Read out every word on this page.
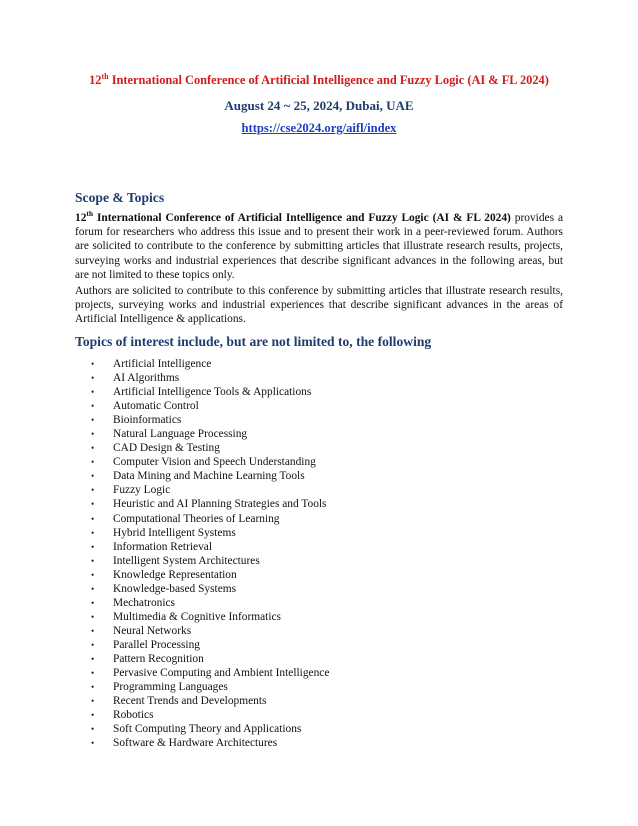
12th International Conference of Artificial Intelligence and Fuzzy Logic (AI & FL 2024)
August 24 ~ 25, 2024, Dubai, UAE
https://cse2024.org/aifl/index
Scope & Topics
12th International Conference of Artificial Intelligence and Fuzzy Logic (AI & FL 2024) provides a forum for researchers who address this issue and to present their work in a peer-reviewed forum. Authors are solicited to contribute to the conference by submitting articles that illustrate research results, projects, surveying works and industrial experiences that describe significant advances in the following areas, but are not limited to these topics only.
Authors are solicited to contribute to this conference by submitting articles that illustrate research results, projects, surveying works and industrial experiences that describe significant advances in the areas of Artificial Intelligence & applications.
Topics of interest include, but are not limited to, the following
• Artificial Intelligence
• AI Algorithms
• Artificial Intelligence Tools & Applications
• Automatic Control
• Bioinformatics
• Natural Language Processing
• CAD Design & Testing
• Computer Vision and Speech Understanding
• Data Mining and Machine Learning Tools
• Fuzzy Logic
• Heuristic and AI Planning Strategies and Tools
• Computational Theories of Learning
• Hybrid Intelligent Systems
• Information Retrieval
• Intelligent System Architectures
• Knowledge Representation
• Knowledge-based Systems
• Mechatronics
• Multimedia & Cognitive Informatics
• Neural Networks
• Parallel Processing
• Pattern Recognition
• Pervasive Computing and Ambient Intelligence
• Programming Languages
• Recent Trends and Developments
• Robotics
• Soft Computing Theory and Applications
• Software & Hardware Architectures
